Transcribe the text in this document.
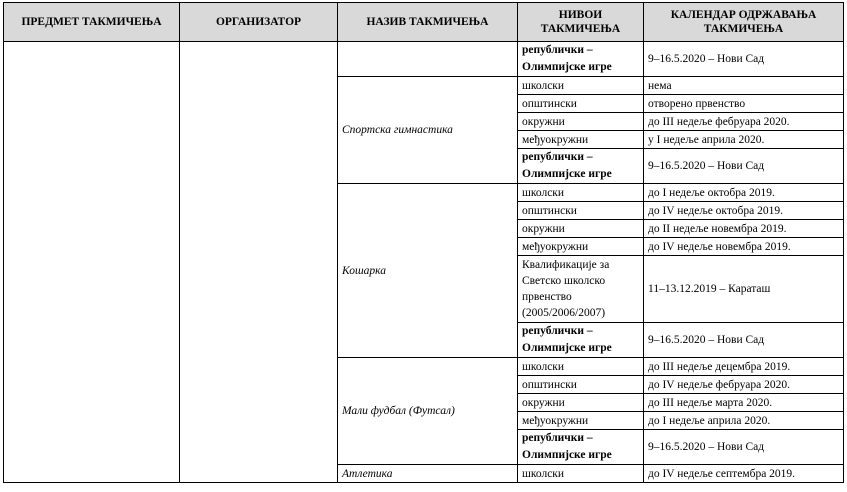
ПРЕДМЕТ ТАКМИЧЕЊА	ОРГАНИЗАТОР	НАЗИВ ТАКМИЧЕЊА	НИВОИ ТАКМИЧЕЊА	КАЛЕНДАР ОДРЖАВАЊА ТАКМИЧЕЊА
			републички – Олимпијске игре	9–16.5.2020 – Нови Сад
		Спортска гимнастика	школски	нема
			општински	отворено првенство
			окружни	до III недеље фебруара 2020.
			међуокружни	у I недеље априла 2020.
			републички – Олимпијске игре	9–16.5.2020 – Нови Сад
		Кошарка	школски	до I недеље октобра 2019.
			општински	до IV недеље октобра 2019.
			окружни	до II недеље новембра 2019.
			међуокружни	до IV недеље новембра 2019.
			Квалификације за Светско школско првенство (2005/2006/2007)	11–13.12.2019 – Караташ
			републички – Олимпијске игре	9–16.5.2020 – Нови Сад
		Мали фудбал (Футсал)	школски	до III недеље децембра 2019.
			општински	до IV недеље фебруара 2020.
			окружни	до III недеље марта 2020.
			међуокружни	до I недеље априла 2020.
			републички – Олимпијске игре	9–16.5.2020 – Нови Сад
		Атлетика	школски	до IV недеље септембра 2019.
